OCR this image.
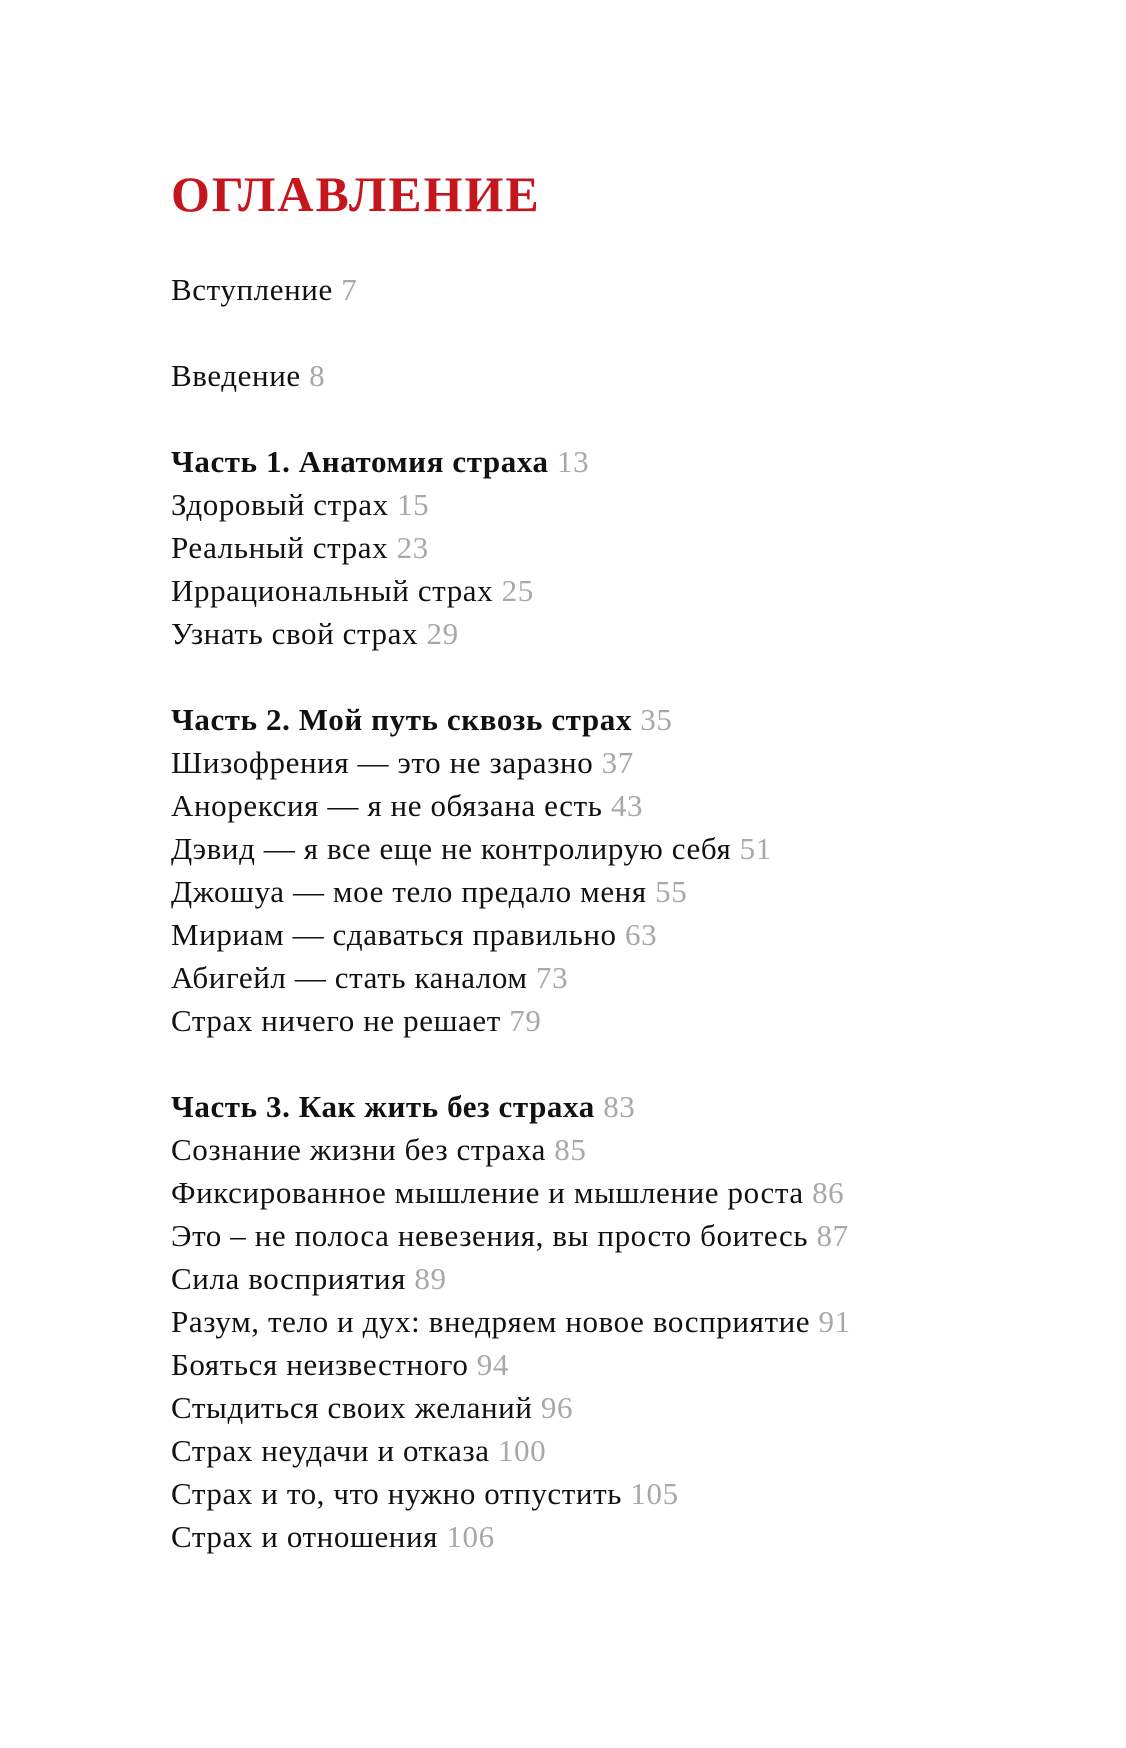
ОГЛАВЛЕНИЕ
Вступление 7
Введение 8
Часть 1. Анатомия страха 13
Здоровый страх 15
Реальный страх 23
Иррациональный страх 25
Узнать свой страх 29
Часть 2. Мой путь сквозь страх 35
Шизофрения — это не заразно 37
Анорексия — я не обязана есть 43
Дэвид — я все еще не контролирую себя 51
Джошуа — мое тело предало меня 55
Мириам — сдаваться правильно 63
Абигейл — стать каналом 73
Страх ничего не решает 79
Часть 3. Как жить без страха 83
Сознание жизни без страха 85
Фиксированное мышление и мышление роста 86
Это – не полоса невезения, вы просто боитесь 87
Сила восприятия 89
Разум, тело и дух: внедряем новое восприятие 91
Бояться неизвестного 94
Стыдиться своих желаний 96
Страх неудачи и отказа 100
Страх и то, что нужно отпустить 105
Страх и отношения 106
